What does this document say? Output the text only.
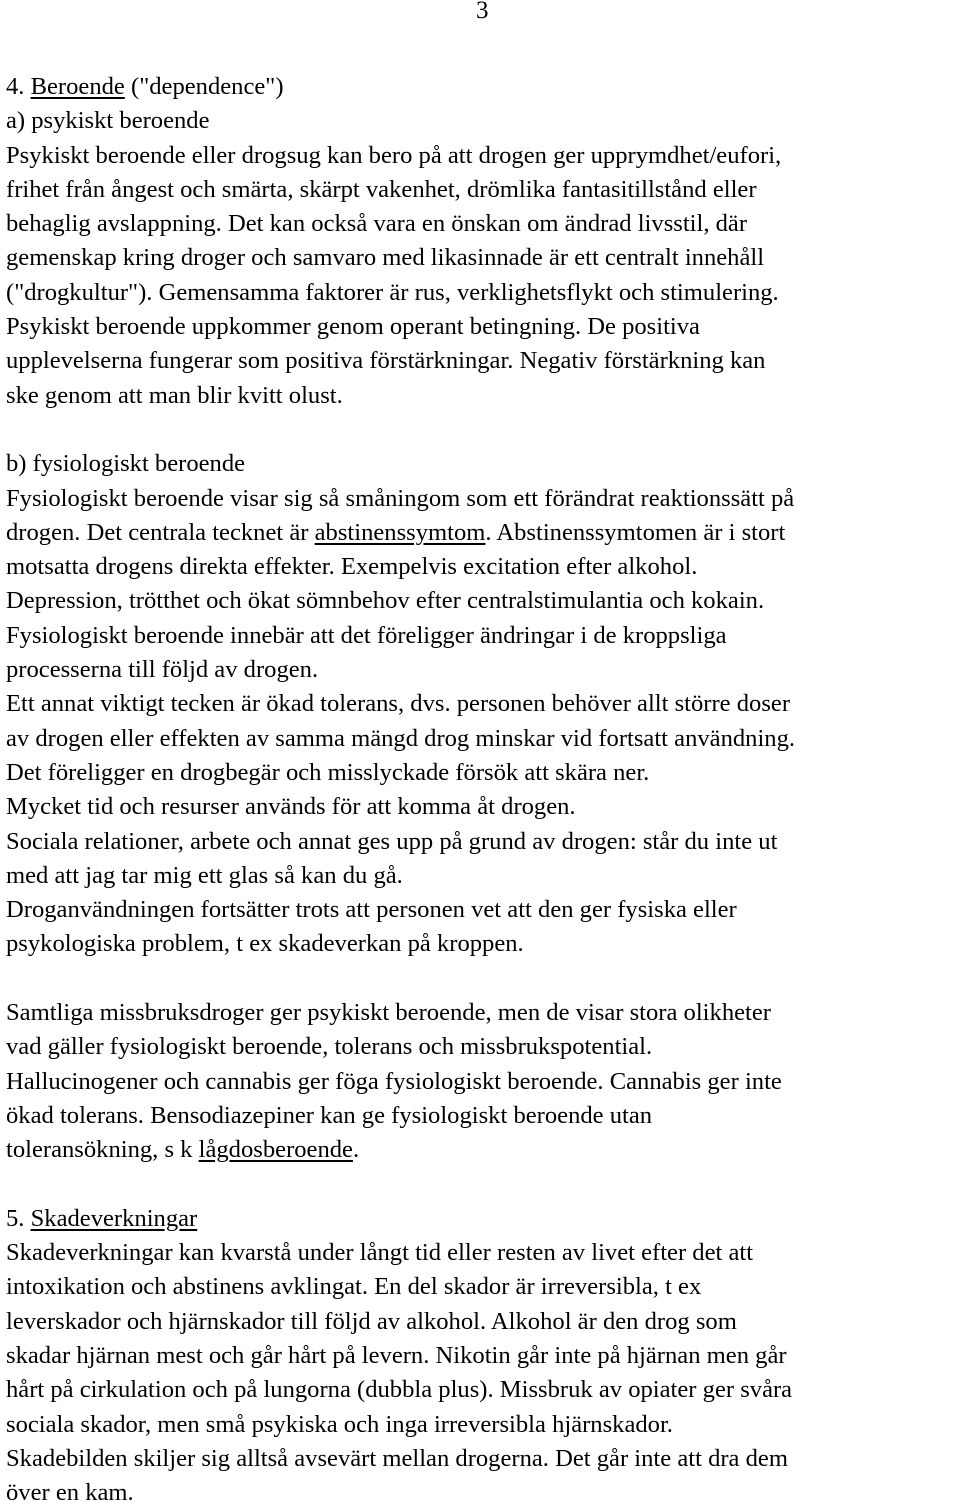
3
4. Beroende ("dependence")
a) psykiskt beroende
Psykiskt beroende eller drogsug kan bero på att drogen ger upprymdhet/eufori,
frihet från ångest och smärta, skärpt vakenhet, drömlika fantasitillstånd eller
behaglig avslappning. Det kan också vara en önskan om ändrad livsstil, där
gemenskap kring droger och samvaro med likasinnade är ett centralt innehåll
("drogkultur"). Gemensamma faktorer är rus, verklighetsflykt och stimulering.
Psykiskt beroende uppkommer genom operant betingning. De positiva
upplevelserna fungerar som positiva förstärkningar. Negativ förstärkning kan
ske genom att man blir kvitt olust.
b) fysiologiskt beroende
Fysiologiskt beroende visar sig så småningom som ett förändrat reaktionssätt på
drogen. Det centrala tecknet är abstinenssymtom. Abstinenssymtomen är i stort
motsatta drogens direkta effekter. Exempelvis excitation efter alkohol.
Depression, trötthet och ökat sömnbehov efter centralstimulantia och kokain.
Fysiologiskt beroende innebär att det föreligger ändringar i de kroppsliga
processerna till följd av drogen.
Ett annat viktigt tecken är ökad tolerans, dvs. personen behöver allt större doser
av drogen eller effekten av samma mängd drog minskar vid fortsatt användning.
Det föreligger en drogbegär och misslyckade försök att skära ner.
Mycket tid och resurser används för att komma åt drogen.
Sociala relationer, arbete och annat ges upp på grund av drogen: står du inte ut
med att jag tar mig ett glas så kan du gå.
Droganvändningen fortsätter trots att personen vet att den ger fysiska eller
psykologiska problem, t ex skadeverkan på kroppen.
Samtliga missbruksdroger ger psykiskt beroende, men de visar stora olikheter
vad gäller fysiologiskt beroende, tolerans och missbrukspotential.
Hallucinogener och cannabis ger föga fysiologiskt beroende. Cannabis ger inte
ökad tolerans. Bensodiazepiner kan ge fysiologiskt beroende utan
toleransökning, s k lågdosberoende.
5. Skadeverkningar
Skadeverkningar kan kvarstå under långt tid eller resten av livet efter det att
intoxikation och abstinens avklingat. En del skador är irreversibla, t ex
leverskador och hjärnskador till följd av alkohol. Alkohol är den drog som
skadar hjärnan mest och går hårt på levern. Nikotin går inte på hjärnan men går
hårt på cirkulation och på lungorna (dubbla plus). Missbruk av opiater ger svåra
sociala skador, men små psykiska och inga irreversibla hjärnskador.
Skadebilden skiljer sig alltså avsevärt mellan drogerna. Det går inte att dra dem
över en kam.
